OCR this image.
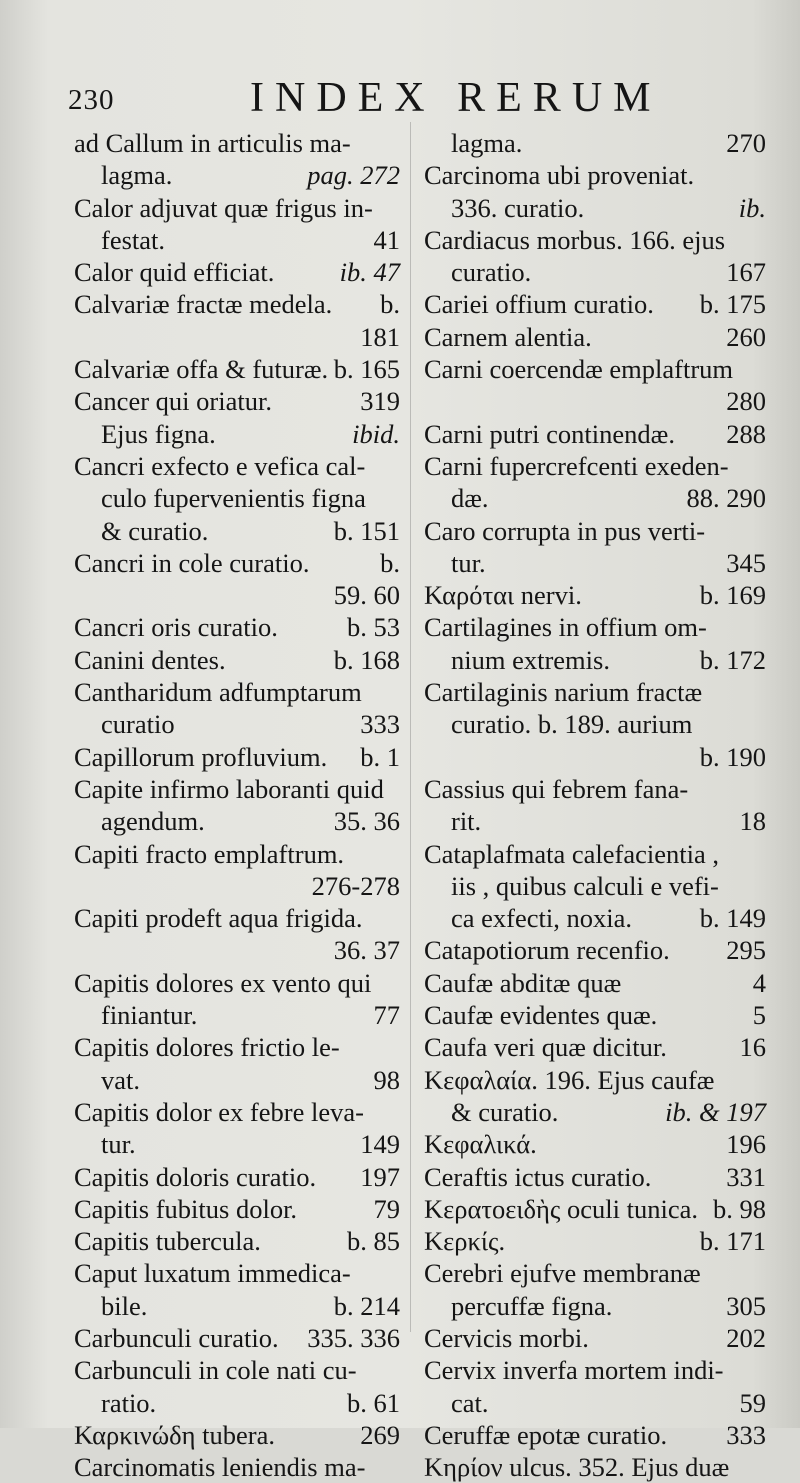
230	INDEX RERUM
ad Callum in articulis ma-
lagma.	pag. 272
Calor adjuvat quæ frigus in-
festat.	41
Calor quid efficiat. ib. 47
Calvariæ fractæ medela. b.
181
Calvariæ offa & futuræ. b. 165
Cancer qui oriatur.	319
Ejus figna.	ibid.
Cancri exfecto e vefica cal-
culo fupervenientis figna
& curatio.	b. 151
Cancri in cole curatio.	b.
59. 60
Cancri oris curatio.	b. 53
Canini dentes.	b. 168
Cantharidum adfumptarum
curatio	333
Capillorum profluvium. b. 1
Capite infirmo laboranti quid
agendum.	35. 36
Capiti fracto emplaftrum.
276-278
Capiti prodeft aqua frigida.
36. 37
Capitis dolores ex vento qui
finiantur.	77
Capitis dolores frictio le-
vat.	98
Capitis dolor ex febre leva-
tur.	149
Capitis doloris curatio. 197
Capitis fubitus dolor.	79
Capitis tubercula.	b. 85
Caput luxatum immedica-
bile.	b. 214
Carbunculi curatio. 335. 336
Carbunculi in cole nati cu-
ratio.	b. 61
Καρκινώδη tubera.	269
Carcinomatis leniendis ma-
lagma.	270
Carcinoma ubi proveniat.
336. curatio.	ib.
Cardiacus morbus. 166. ejus
curatio.	167
Cariei offium curatio. b. 175
Carnem alentia.	260
Carni coercendæ emplaftrum
280
Carni putri continendæ. 288
Carni fupercrefcenti exeden-
dæ.	88. 290
Caro corrupta in pus verti-
tur.	345
Καρόται nervi.	b. 169
Cartilagines in offium om-
nium extremis.	b. 172
Cartilaginis narium fractæ
curatio. b. 189. aurium
b. 190
Cassius qui febrem fana-
rit.	18
Cataplafmata calefacientia ,
iis , quibus calculi e vefi-
ca exfecti, noxia.	b. 149
Catapotiorum recenfio. 295
Caufæ abditæ quæ	4
Caufæ evidentes quæ.	5
Caufa veri quæ dicitur.	16
Κεφαλαία. 196. Ejus caufæ
& curatio.	ib. & 197
Κεφαλικά.	196
Ceraftis ictus curatio.	331
Κερατοειδὴς oculi tunica. b. 98
Κερκίς.	b. 171
Cerebri ejufve membranæ
percuffæ figna.	305
Cervicis morbi.	202
Cervix inverfa mortem indi-
cat.	59
Ceruffæ epotæ curatio. 333
Κηρίον ulcus. 352. Ejus duæ
